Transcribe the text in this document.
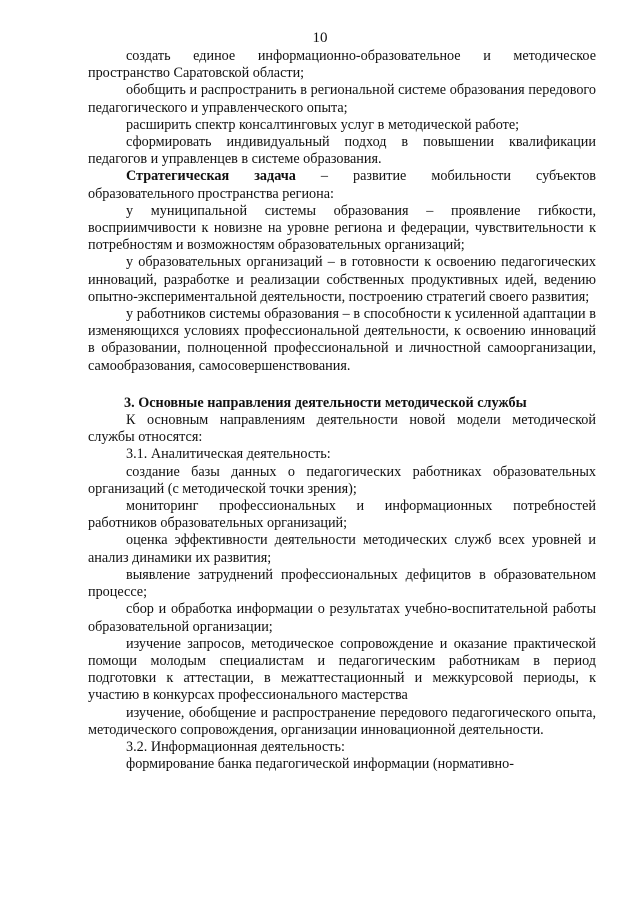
10

создать единое информационно-образовательное и методическое пространство Саратовской области;

обобщить и распространить в региональной системе образования передового педагогического и управленческого опыта;

расширить спектр консалтинговых услуг в методической работе;

сформировать индивидуальный подход в повышении квалификации педагогов и управленцев в системе образования.

Стратегическая задача – развитие мобильности субъектов образовательного пространства региона:

у муниципальной системы образования – проявление гибкости, восприимчивости к новизне на уровне региона и федерации, чувствительности к потребностям и возможностям образовательных организаций;

у образовательных организаций – в готовности к освоению педагогических инноваций, разработке и реализации собственных продуктивных идей, ведению опытно-экспериментальной деятельности, построению стратегий своего развития;

у работников системы образования – в способности к усиленной адаптации в изменяющихся условиях профессиональной деятельности, к освоению инноваций в образовании, полноценной профессиональной и личностной самоорганизации, самообразования, самосовершенствования.

3. Основные направления деятельности методической службы

К основным направлениям деятельности новой модели методической службы относятся:

3.1. Аналитическая деятельность:

создание базы данных о педагогических работниках образовательных организаций (с методической точки зрения);

мониторинг профессиональных и информационных потребностей работников образовательных организаций;

оценка эффективности деятельности методических служб всех уровней и анализ динамики их развития;

выявление затруднений профессиональных дефицитов в образовательном процессе;

сбор и обработка информации о результатах учебно-воспитательной работы образовательной организации;

изучение запросов, методическое сопровождение и оказание практической помощи молодым специалистам и педагогическим работникам в период подготовки к аттестации, в межаттестационный и межкурсовой периоды, к участию в конкурсах профессионального мастерства

изучение, обобщение и распространение передового педагогического опыта, методического сопровождения, организации инновационной деятельности.

3.2. Информационная деятельность:

формирование банка педагогической информации (нормативно-
